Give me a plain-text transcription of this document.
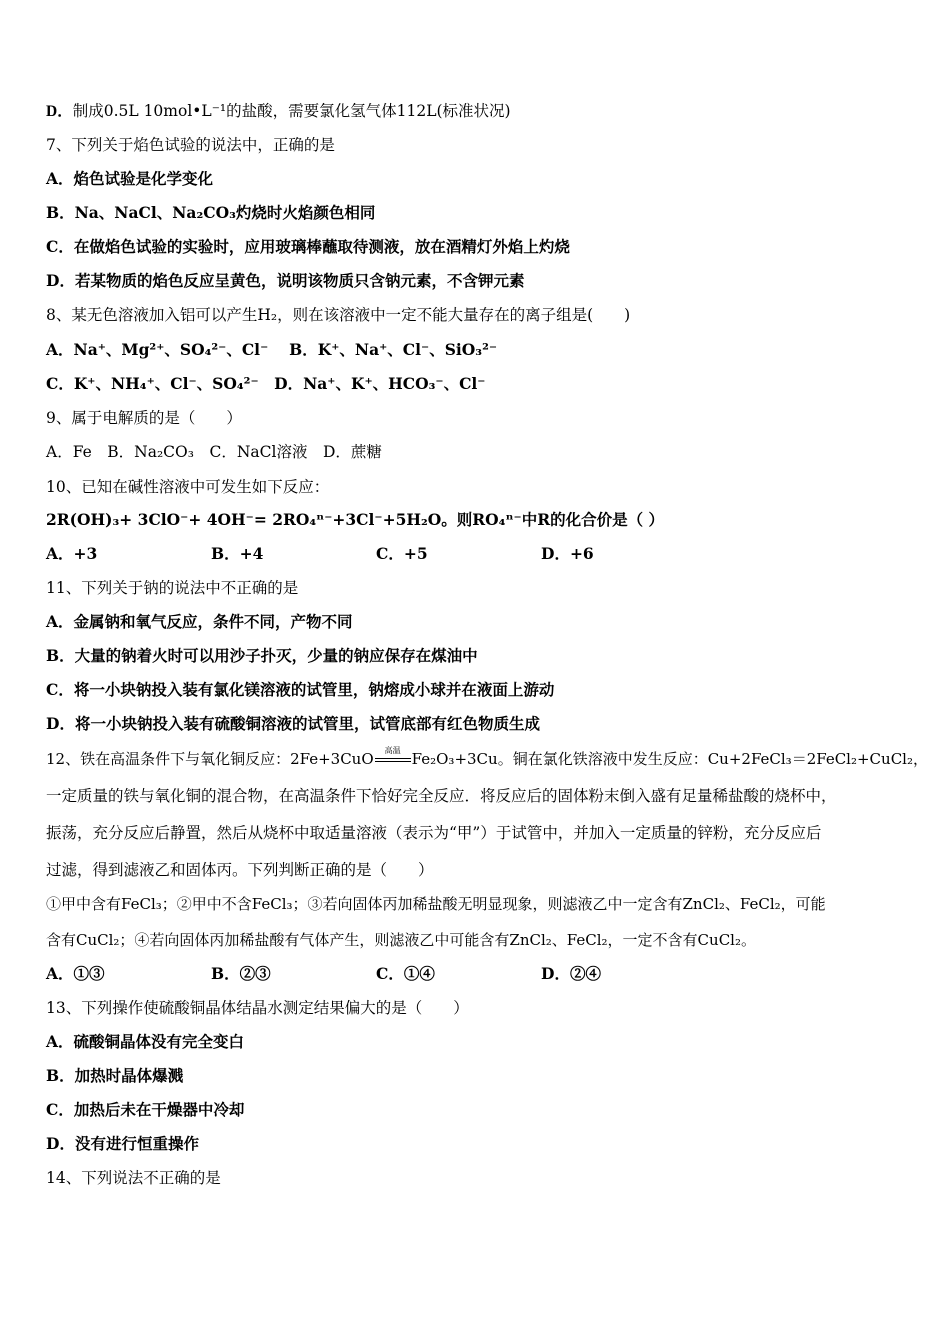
D．制成0.5L 10mol•L⁻¹的盐酸，需要氯化氢气体112L(标准状况)
7、下列关于焰色试验的说法中，正确的是
A．焰色试验是化学变化
B．Na、NaCl、Na₂CO₃灼烧时火焰颜色相同
C．在做焰色试验的实验时，应用玻璃棒蘸取待测液，放在酒精灯外焰上灼烧
D．若某物质的焰色反应呈黄色，说明该物质只含钠元素，不含钾元素
8、某无色溶液加入铝可以产生H₂，则在该溶液中一定不能大量存在的离子组是(　　)
A．Na⁺、Mg²⁺、SO₄²⁻、Cl⁻　 B．K⁺、Na⁺、Cl⁻、SiO₃²⁻
C．K⁺、NH₄⁺、Cl⁻、SO₄²⁻　D．Na⁺、K⁺、HCO₃⁻、Cl⁻
9、属于电解质的是（　　）
A．Fe　B．Na₂CO₃　C．NaCl溶液　D．蔗糖
10、已知在碱性溶液中可发生如下反应：
2R(OH)₃+ 3ClO⁻+ 4OH⁻= 2RO₄ⁿ⁻+3Cl⁻+5H₂O。则RO₄ⁿ⁻中R的化合价是（ ）
A．+3	B．+4	C．+5	D．+6
11、下列关于钠的说法中不正确的是
A．金属钠和氧气反应，条件不同，产物不同
B．大量的钠着火时可以用沙子扑灭，少量的钠应保存在煤油中
C．将一小块钠投入装有氯化镁溶液的试管里，钠熔成小球并在液面上游动
D．将一小块钠投入装有硫酸铜溶液的试管里，试管底部有红色物质生成
12、铁在高温条件下与氧化铜反应：2Fe+3CuO	高温 Fe₂O₃+3Cu。铜在氯化铁溶液中发生反应：Cu+2FeCl₃＝2FeCl₂+CuCl₂，
一定质量的铁与氧化铜的混合物，在高温条件下恰好完全反应．将反应后的固体粉末倒入盛有足量稀盐酸的烧杯中，
振荡，充分反应后静置，然后从烧杯中取适量溶液（表示为“甲”）于试管中，并加入一定质量的锌粉，充分反应后
过滤，得到滤液乙和固体丙。下列判断正确的是（　　）
①甲中含有FeCl₃；②甲中不含FeCl₃；③若向固体丙加稀盐酸无明显现象，则滤液乙中一定含有ZnCl₂、FeCl₂，可能
含有CuCl₂；④若向固体丙加稀盐酸有气体产生，则滤液乙中可能含有ZnCl₂、FeCl₂，一定不含有CuCl₂。
A．①③	B．②③	C．①④	D．②④
13、下列操作使硫酸铜晶体结晶水测定结果偏大的是（　　）
A．硫酸铜晶体没有完全变白
B．加热时晶体爆溅
C．加热后未在干燥器中冷却
D．没有进行恒重操作
14、下列说法不正确的是
